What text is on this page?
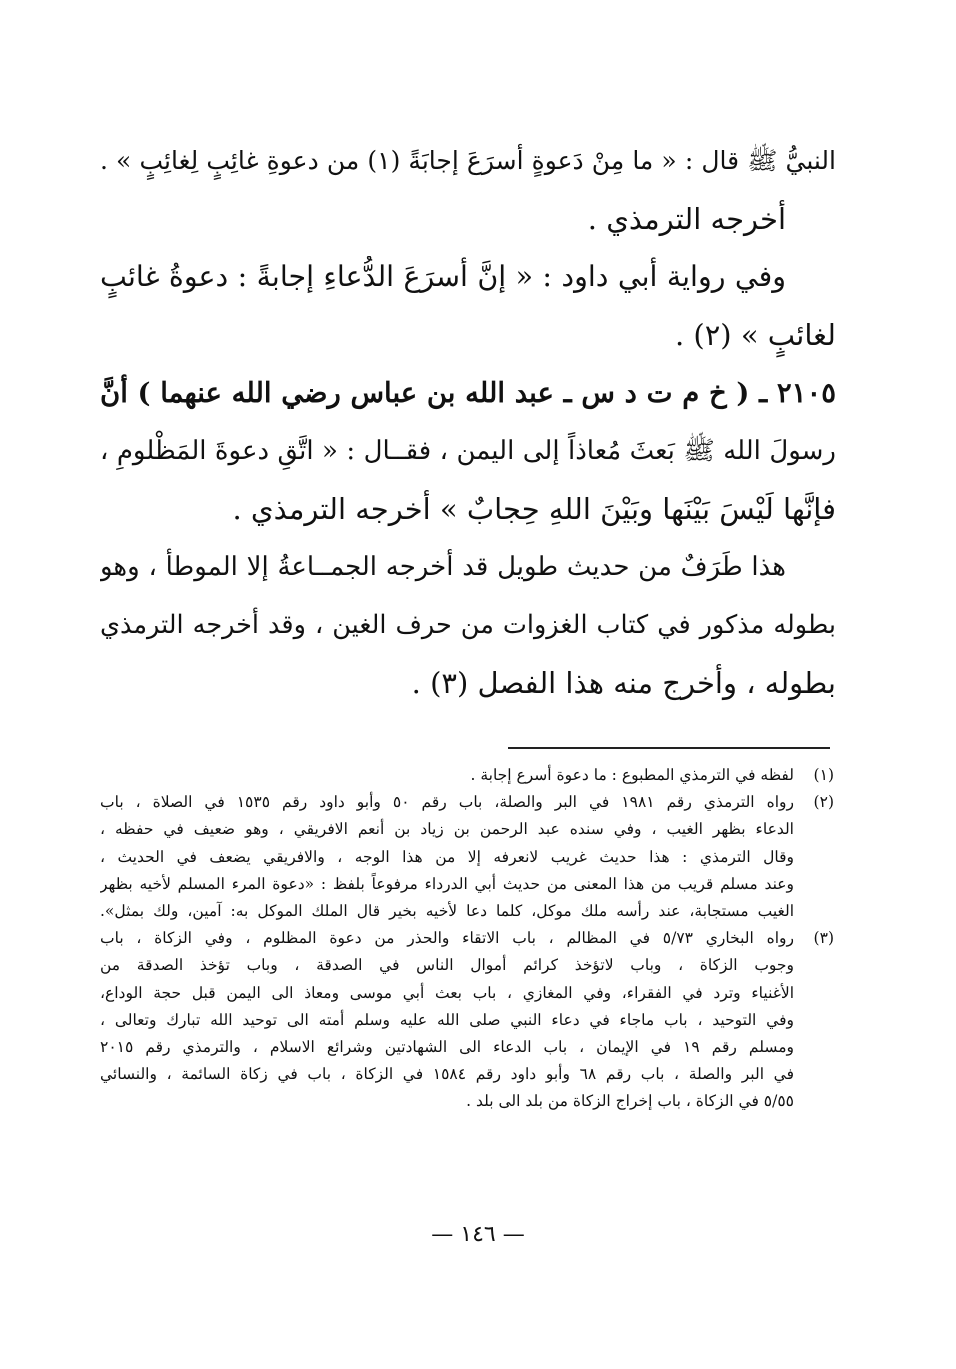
النبيُّ ﷺ قال : « ما مِنْ دَعوةٍ أسرَعَ إجابَةً (١) من دعوةِ غائِبٍ لِغائِبٍ » .
أخرجه الترمذي .
وفي رواية أبي داود : « إنَّ أسرَعَ الدُّعاءِ إجابةً : دعوةُ غائبٍ
لغائبٍ » (٢) .
٢١٠٥ ـ ( خ م ت د س ـ عبد الله بن عباس رضي الله عنهما ) أنَّ
رسولَ الله ﷺ بَعثَ مُعاذاً إلى اليمن ، فقــال : « اتَّقِ دعوةَ المَظْلومِ ،
فإنَّها لَيْسَ بَيْنَها وبَيْنَ اللهِ حِجابٌ » أخرجه الترمذي .
هذا طَرَفٌ من حديث طويل قد أخرجه الجمــاعةُ إلا الموطأ ، وهو
بطوله مذكور في كتاب الغزوات من حرف الغين ، وقد أخرجه الترمذي
بطوله ، وأخرج منه هذا الفصل (٣) .
(١)
لفظه في الترمذي المطبوع : ما دعوة أسرع إجابة .
(٢)
رواه الترمذي رقم ١٩٨١ في البر والصلة، باب رقم ٥٠ وأبو داود رقم ١٥٣٥ في الصلاة ، باب
الدعاء بظهر الغيب ، وفي سنده عبد الرحمن بن زياد بن أنعم الافريقي ، وهو ضعيف في حفظه ،
وقال الترمذي : هذا حديث غريب لانعرفه إلا من هذا الوجه ، والافريقي يضعف في الحديث ،
وعند مسلم قريب من هذا المعنى من حديث أبي الدرداء مرفوعاً بلفظ : «دعوة المرء المسلم لأخيه بظهر
الغيب مستجابة، عند رأسه ملك موكل، كلما دعا لأخيه بخير قال الملك الموكل به: آمين، ولك بمثل».
(٣)
رواه البخاري ٥/٧٣ في المظالم ، باب الاتقاء والحذر من دعوة المظلوم ، وفي الزكاة ، باب
وجوب الزكاة ، وباب لاتؤخذ كرائم أموال الناس في الصدقة ، وباب تؤخذ الصدقة من
الأغنياء وترد في الفقراء، وفي المغازي ، باب بعث أبي موسى ومعاذ الى اليمن قبل حجة الوداع،
وفي التوحيد ، باب ماجاء في دعاء النبي صلى الله عليه وسلم أمته الى توحيد الله تبارك وتعالى ،
ومسلم رقم ١٩ في الإيمان ، باب الدعاء الى الشهادتين وشرائع الاسلام ، والترمذي رقم ٢٠١٥
في البر والصلة ، باب رقم ٦٨ وأبو داود رقم ١٥٨٤ في الزكاة ، باب في زكاة السائمة ، والنسائي
٥/٥٥ في الزكاة ، باب إخراج الزكاة من بلد الى بلد .
— ١٤٦ —
